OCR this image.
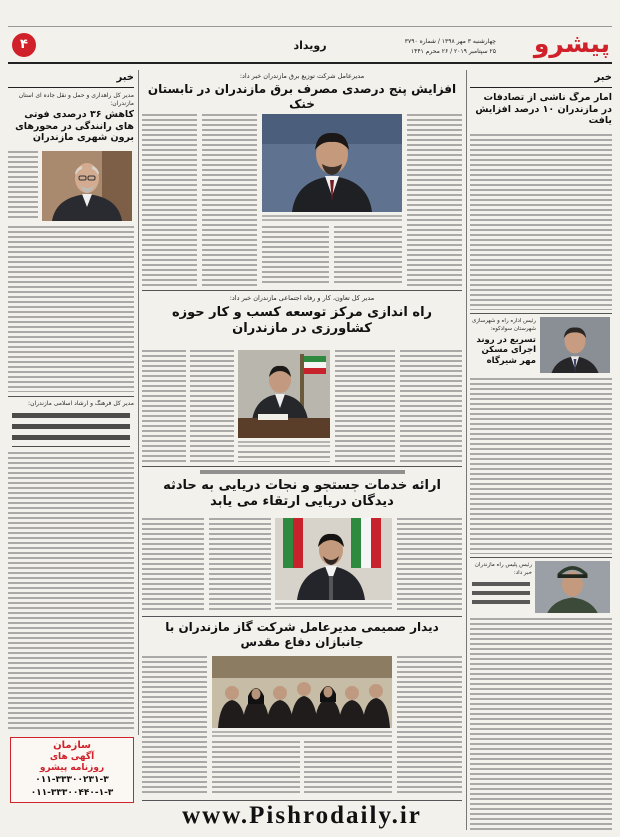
پیشرو
چهارشنبه ۳ مهر ۱۳۹۸ / شماره ۳۷۹۰
۲۵ سپتامبر ۲۰۱۹ / ۲۶ محرم ۱۴۴۱
رویداد
۴
خبر
آمار مرگ ناشی از تصادفات در مازندران ۱۰ درصد افزایش یافت
رئیس اداره راه و شهرسازی شهرستان سوادکوه:
تسریع در روند اجرای مسکن مهر شیرگاه
رئیس پلیس راه مازندران خبر داد:
مدیرعامل شرکت توزیع برق مازندران خبر داد:
افزایش پنج درصدی مصرف برق مازندران در تابستان خنک
مدیر کل تعاون، کار و رفاه اجتماعی مازندران خبر داد:
راه اندازی مرکز توسعه کسب و کار حوزه کشاورزی در مازندران
ارائه خدمات جستجو و نجات دریایی به حادثه دیدگان دریایی ارتقاء می یابد
دیدار صمیمی مدیرعامل شرکت گاز مازندران با جانبازان دفاع مقدس
www.Pishrodaily.ir
خبر
مدیر کل راهداری و حمل و نقل جاده ای استان مازندران:
کاهش ۳۶ درصدی فوتی های رانندگی در محورهای برون شهری مازندران
مدیر کل فرهنگ و ارشاد اسلامی مازندران:
سازمان
آگهی های
روزنامه پیشرو
۰۱۱-۳۳۳۰۰۲۳۱-۳
۰۱۱-۳۳۳۰۰۴۴۰-۱-۳
